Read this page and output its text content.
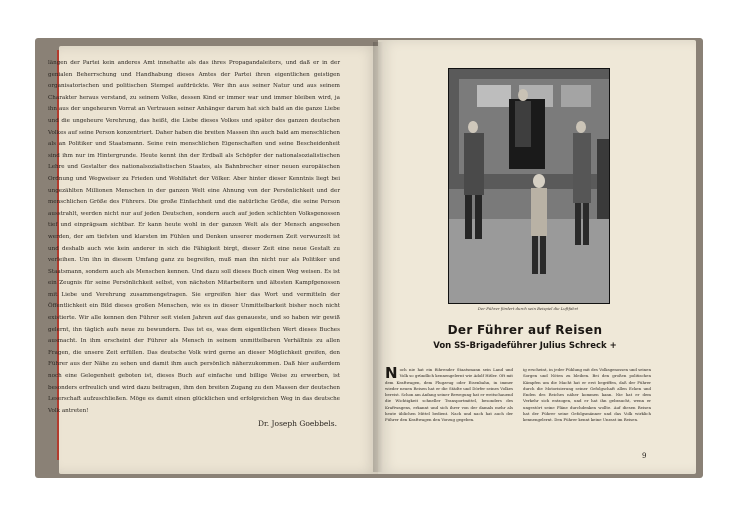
längen der Partei kein anderes Amt innehatte als das ihres Propagandaleiters, und daß er in der genialen Beherrschung und Handhabung dieses Amtes der Partei ihren eigentlichen geistigen organisatorischen und politischen Stempel aufdrückte. Wer ihn aus seiner Natur und aus seinem Charakter heraus verstand, zu seinem Volke, dessen Kind er immer war und immer bleiben wird, ja ihn aus der ungeheuren Vorrat an Vertrauen seiner Anhänger darum hat sich bald an die ganze Liebe und die ungeheure Verehrung, das heißt, die Liebe dieses Volkes und später des ganzen deutschen Volkes auf seine Person konzentriert. Daher haben die breiten Massen ihn auch bald am menschlichen als an Politiker und Staatsmann. Seine rein menschlichen Eigenschaften und seine Bescheidenheit sind ihm nur im Hintergrunde. Heute kennt ihn der Erdball als Schöpfer der nationalsozialistischen Lehre und Gestalter des nationalsozialistischen Staates, als Bahnbrecher einer neuen europäischen Ordnung und Wegweiser zu Frieden und Wohlfahrt der Völker. Aber hinter dieser Kenntnis liegt bei ungezählten Millionen Menschen in der ganzen Welt eine Ahnung von der Persönlichkeit und der menschlichen Größe des Führers. Die große Einfachheit und die natürliche Größe, die seine Person ausstrahlt, werden nicht nur auf jeden Deutschen, sondern auch auf jeden schlichten Volksgenossen tief und einprägsam sichtbar. Er kann heute wohl in der ganzen Welt als der Mensch angesehen werden, der am tiefsten und klarsten im Fühlen und Denken unserer modernen Zeit verwurzelt ist und deshalb auch wie kein anderer in sich die Fähigkeit birgt, dieser Zeit eine neue Gestalt zu verleihen. Um ihn in diesem Umfang ganz zu begreifen, muß man ihn nicht nur als Politiker und Staatsmann, sondern auch als Menschen kennen. Und dazu soll dieses Buch einen Weg weisen. Es ist ein Zeugnis für seine Persönlichkeit selbst, von nächsten Mitarbeitern und ältesten Kampfgenossen mit Liebe und Verehrung zusammengetragen. Sie ergreifen hier das Wort und vermitteln der Öffentlichkeit ein Bild dieses großen Menschen, wie es in dieser Unmittelbarkeit bisher noch nicht existierte. Wir alle kennen den Führer seit vielen Jahren auf das genaueste, und so haben wir gewiß gelernt, ihn täglich aufs neue zu bewundern. Das ist es, was dem eigentlichen Wert dieses Buches ausmacht. In ihm erscheint der Führer als Mensch in seinem unmittelbaren Verhältnis zu allen Fragen, die unsere Zeit erfüllen. Das deutsche Volk wird gerne an dieser Möglichkeit greifen, den Führer aus der Nähe zu sehen und damit ihm auch persönlich näherzukommen. Daß hier außerdem noch eine Gelegenheit geboten ist, dieses Buch auf einfache und billige Weise zu erwerben, ist besonders erfreulich und wird dazu beitragen, ihm den breiten Zugang zu den Massen der deutschen Leserschaft aufzuschließen. Möge es damit einen glücklichen und erfolgreichen Weg in das deutsche Volk antreten!

Dr. Joseph Goebbels.
Der Führer fördert durch sein Beispiel die Luftfahrt
Der Führer auf Reisen
Von SS-Brigadeführer Julius Schreck +

Noch nie hat ein führender Staatsmann sein Land und Volk so gründlich kennengelernt wie Adolf Hitler. Oft mit dem Kraftwagen, dem Flugzeug oder Eisenbahn, in immer wieder neuen Reisen hat er die Städte und Dörfer seines Volkes bereist. Schon am Anfang seiner Bewegung hat er weitschauend die Wichtigkeit schneller Transportmittel, besonders des Kraftwagens, erkannt und sich ihrer von der damals mehr als heute üblichen Mittel bedient. Nach und nach hat auch der Führer den Kraftwagen den Vorzug gegeben.

ig erscheint, in jeder Fühlung mit des Volksgenossen und seinen Sorgen und Nöten zu bleiben. Bei den großen politischen Kämpfen um die Macht hat er erst begriffen, daß der Führer durch die Motorisierung seiner Gefolgschaft allen Ecken und Enden des Reiches näher kommen kann. Nie hat er dem Verkehr sich entzogen, und er hat ihn gebraucht, wenn er ungestört seine Pläne durchdenken wollte. Auf diesen Reisen hat der Führer seine Gefolgsmänner und das Volk wirklich kennengelernt. Den Führer kennt keine Unrast im Reisen.

9
